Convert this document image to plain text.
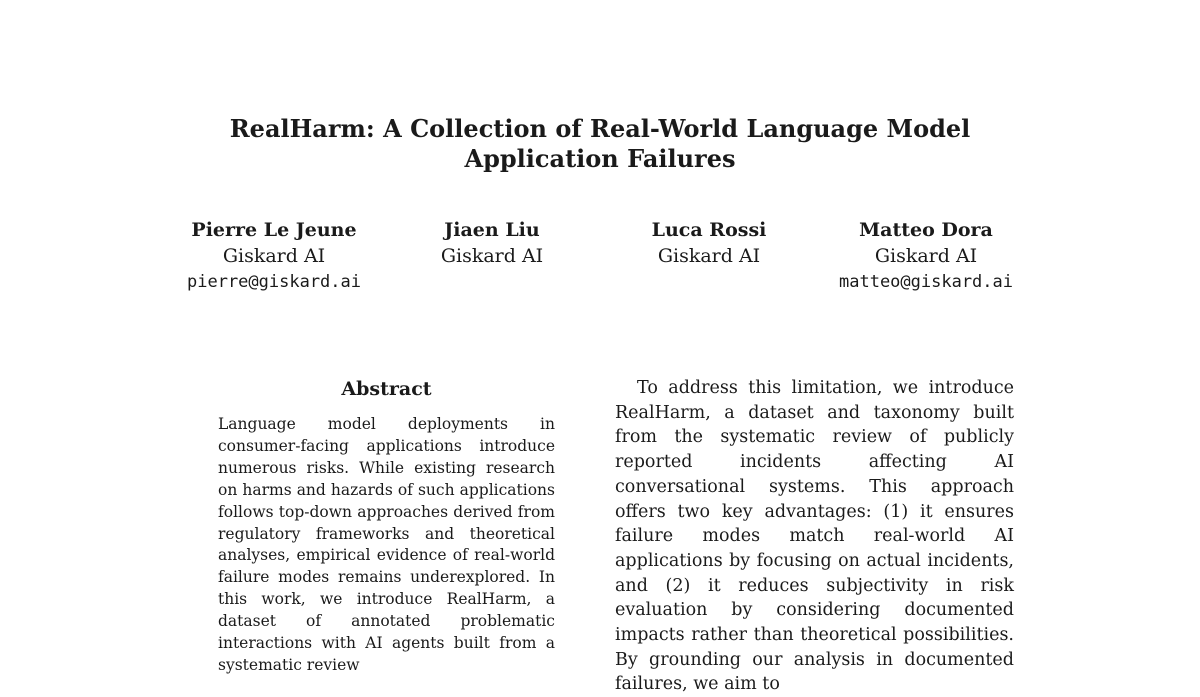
RealHarm: A Collection of Real-World Language Model
Application Failures
Pierre Le Jeune
Giskard AI
pierre@giskard.ai
Jiaen Liu
Giskard AI
Luca Rossi
Giskard AI
Matteo Dora
Giskard AI
matteo@giskard.ai
Abstract
Language model deployments in consumer-facing applications introduce numerous risks. While existing research on harms and hazards of such applications follows top-down approaches derived from regulatory frameworks and theoretical analyses, empirical evidence of real-world failure modes remains underexplored. In this work, we introduce RealHarm, a dataset of annotated problematic interactions with AI agents built from a systematic review
To address this limitation, we introduce RealHarm, a dataset and taxonomy built from the systematic review of publicly reported incidents affecting AI conversational systems. This approach offers two key advantages: (1) it ensures failure modes match real-world AI applications by focusing on actual incidents, and (2) it reduces subjectivity in risk evaluation by considering documented impacts rather than theoretical possibilities. By grounding our analysis in documented failures, we aim to
